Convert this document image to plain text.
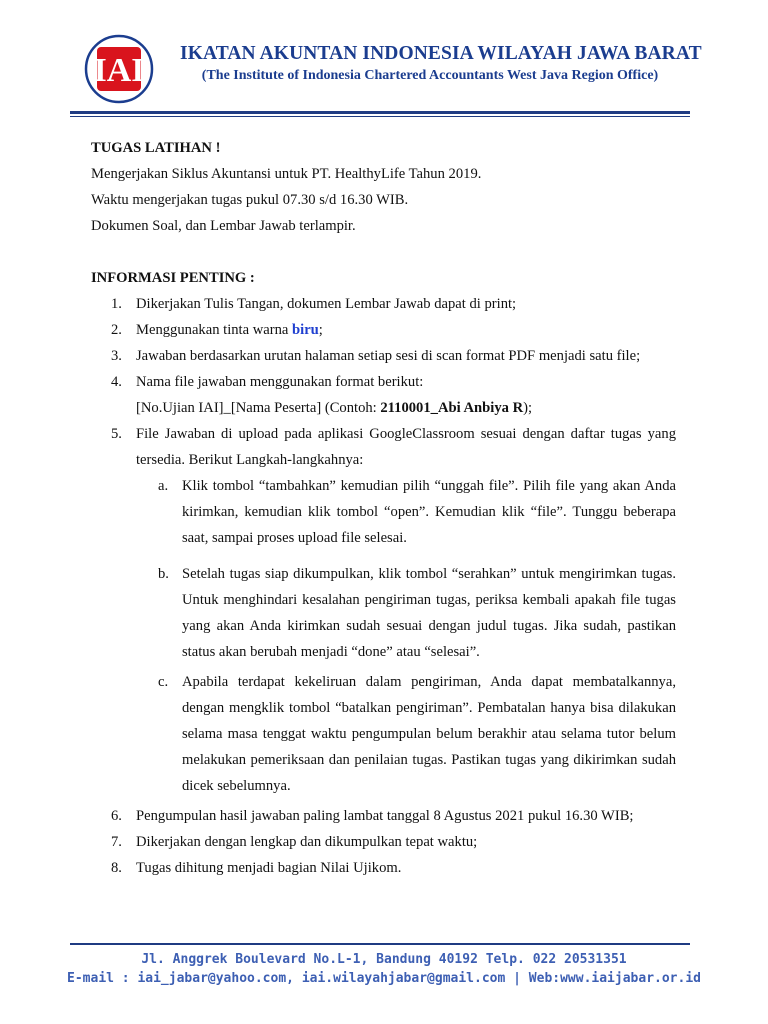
IAI IKATAN AKUNTAN INDONESIA WILAYAH JAWA BARAT
(The Institute of Indonesia Chartered Accountants West Java Region Office)
TUGAS LATIHAN !
Mengerjakan Siklus Akuntansi untuk PT. HealthyLife Tahun 2019.
Waktu mengerjakan tugas pukul 07.30 s/d 16.30 WIB.
Dokumen Soal, dan Lembar Jawab terlampir.
INFORMASI PENTING :
1. Dikerjakan Tulis Tangan, dokumen Lembar Jawab dapat di print;
2. Menggunakan tinta warna biru;
3. Jawaban berdasarkan urutan halaman setiap sesi di scan format PDF menjadi satu file;
4. Nama file jawaban menggunakan format berikut:
[No.Ujian IAI]_[Nama Peserta] (Contoh: 2110001_Abi Anbiya R);
5. File Jawaban di upload pada aplikasi GoogleClassroom sesuai dengan daftar tugas yang
tersedia. Berikut Langkah-langkahnya:
a. Klik tombol “tambahkan” kemudian pilih “unggah file”. Pilih file yang akan Anda
kirimkan, kemudian klik tombol “open”. Kemudian klik “file”. Tunggu beberapa
saat, sampai proses upload file selesai.
b. Setelah tugas siap dikumpulkan, klik tombol “serahkan” untuk mengirimkan tugas.
Untuk menghindari kesalahan pengiriman tugas, periksa kembali apakah file tugas
yang akan Anda kirimkan sudah sesuai dengan judul tugas. Jika sudah, pastikan
status akan berubah menjadi “done” atau “selesai”.
c. Apabila terdapat kekeliruan dalam pengiriman, Anda dapat membatalkannya,
dengan mengklik tombol “batalkan pengiriman”. Pembatalan hanya bisa dilakukan
selama masa tenggat waktu pengumpulan belum berakhir atau selama tutor belum
melakukan pemeriksaan dan penilaian tugas. Pastikan tugas yang dikirimkan sudah
dicek sebelumnya.
6. Pengumpulan hasil jawaban paling lambat tanggal 8 Agustus 2021 pukul 16.30 WIB;
7. Dikerjakan dengan lengkap dan dikumpulkan tepat waktu;
8. Tugas dihitung menjadi bagian Nilai Ujikom.
Jl. Anggrek Boulevard No.L-1, Bandung 40192 Telp. 022 20531351
E-mail : iai_jabar@yahoo.com, iai.wilayahjabar@gmail.com | Web:www.iaijabar.or.id
